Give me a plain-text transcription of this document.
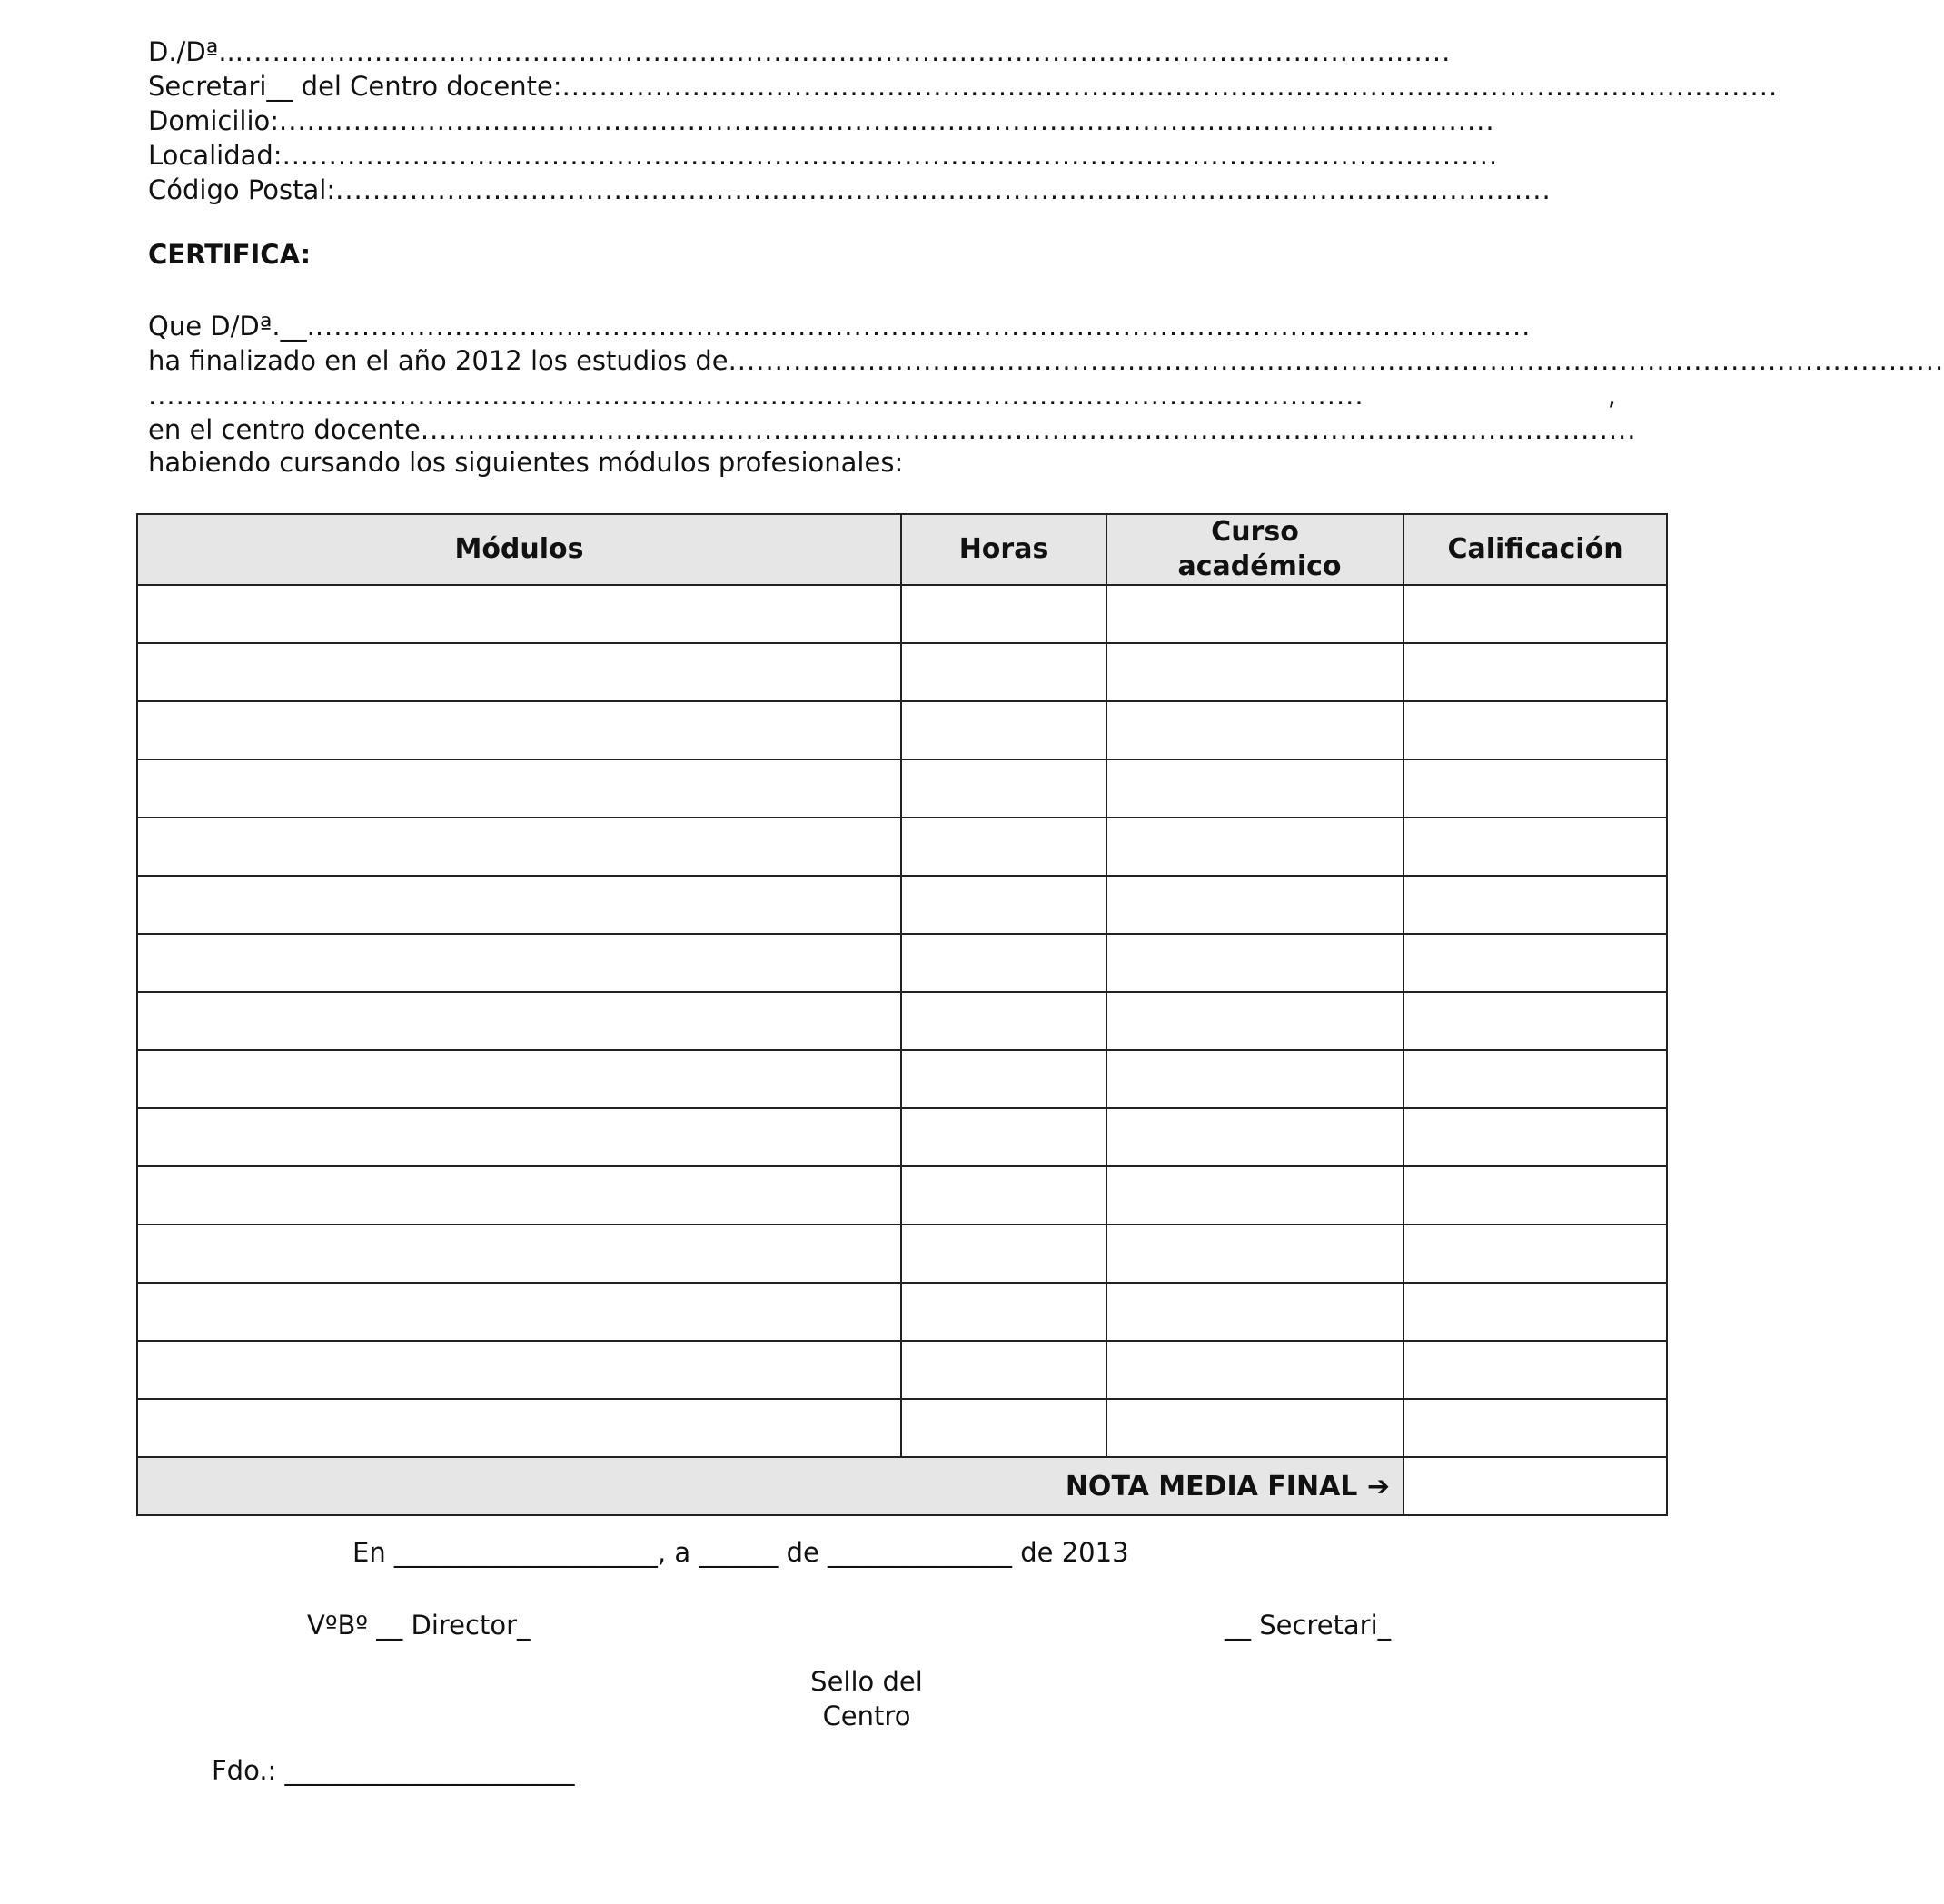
D./Dª.. ...................................................................................................................................
Secretari__ del Centro docente: ...................................................................................................................................
Domicilio: ...................................................................................................................................
Localidad: ...................................................................................................................................
Código Postal: ...................................................................................................................................
CERTIFICA:
Que D/Dª.__. ...................................................................................................................................
ha finalizado en el año 2012 los estudios de ...................................................................................................................................
...................................................................................................................................	,
en el centro docente ...................................................................................................................................
habiendo cursando los siguientes módulos profesionales:
Módulos	Horas	Curso académico	Calificación

NOTA MEDIA FINAL ➔			
En ____________________, a ______ de ______________ de 2013
VºBº __ Director_	__ Secretari_
Sello del
Centro
Fdo.: ______________________
